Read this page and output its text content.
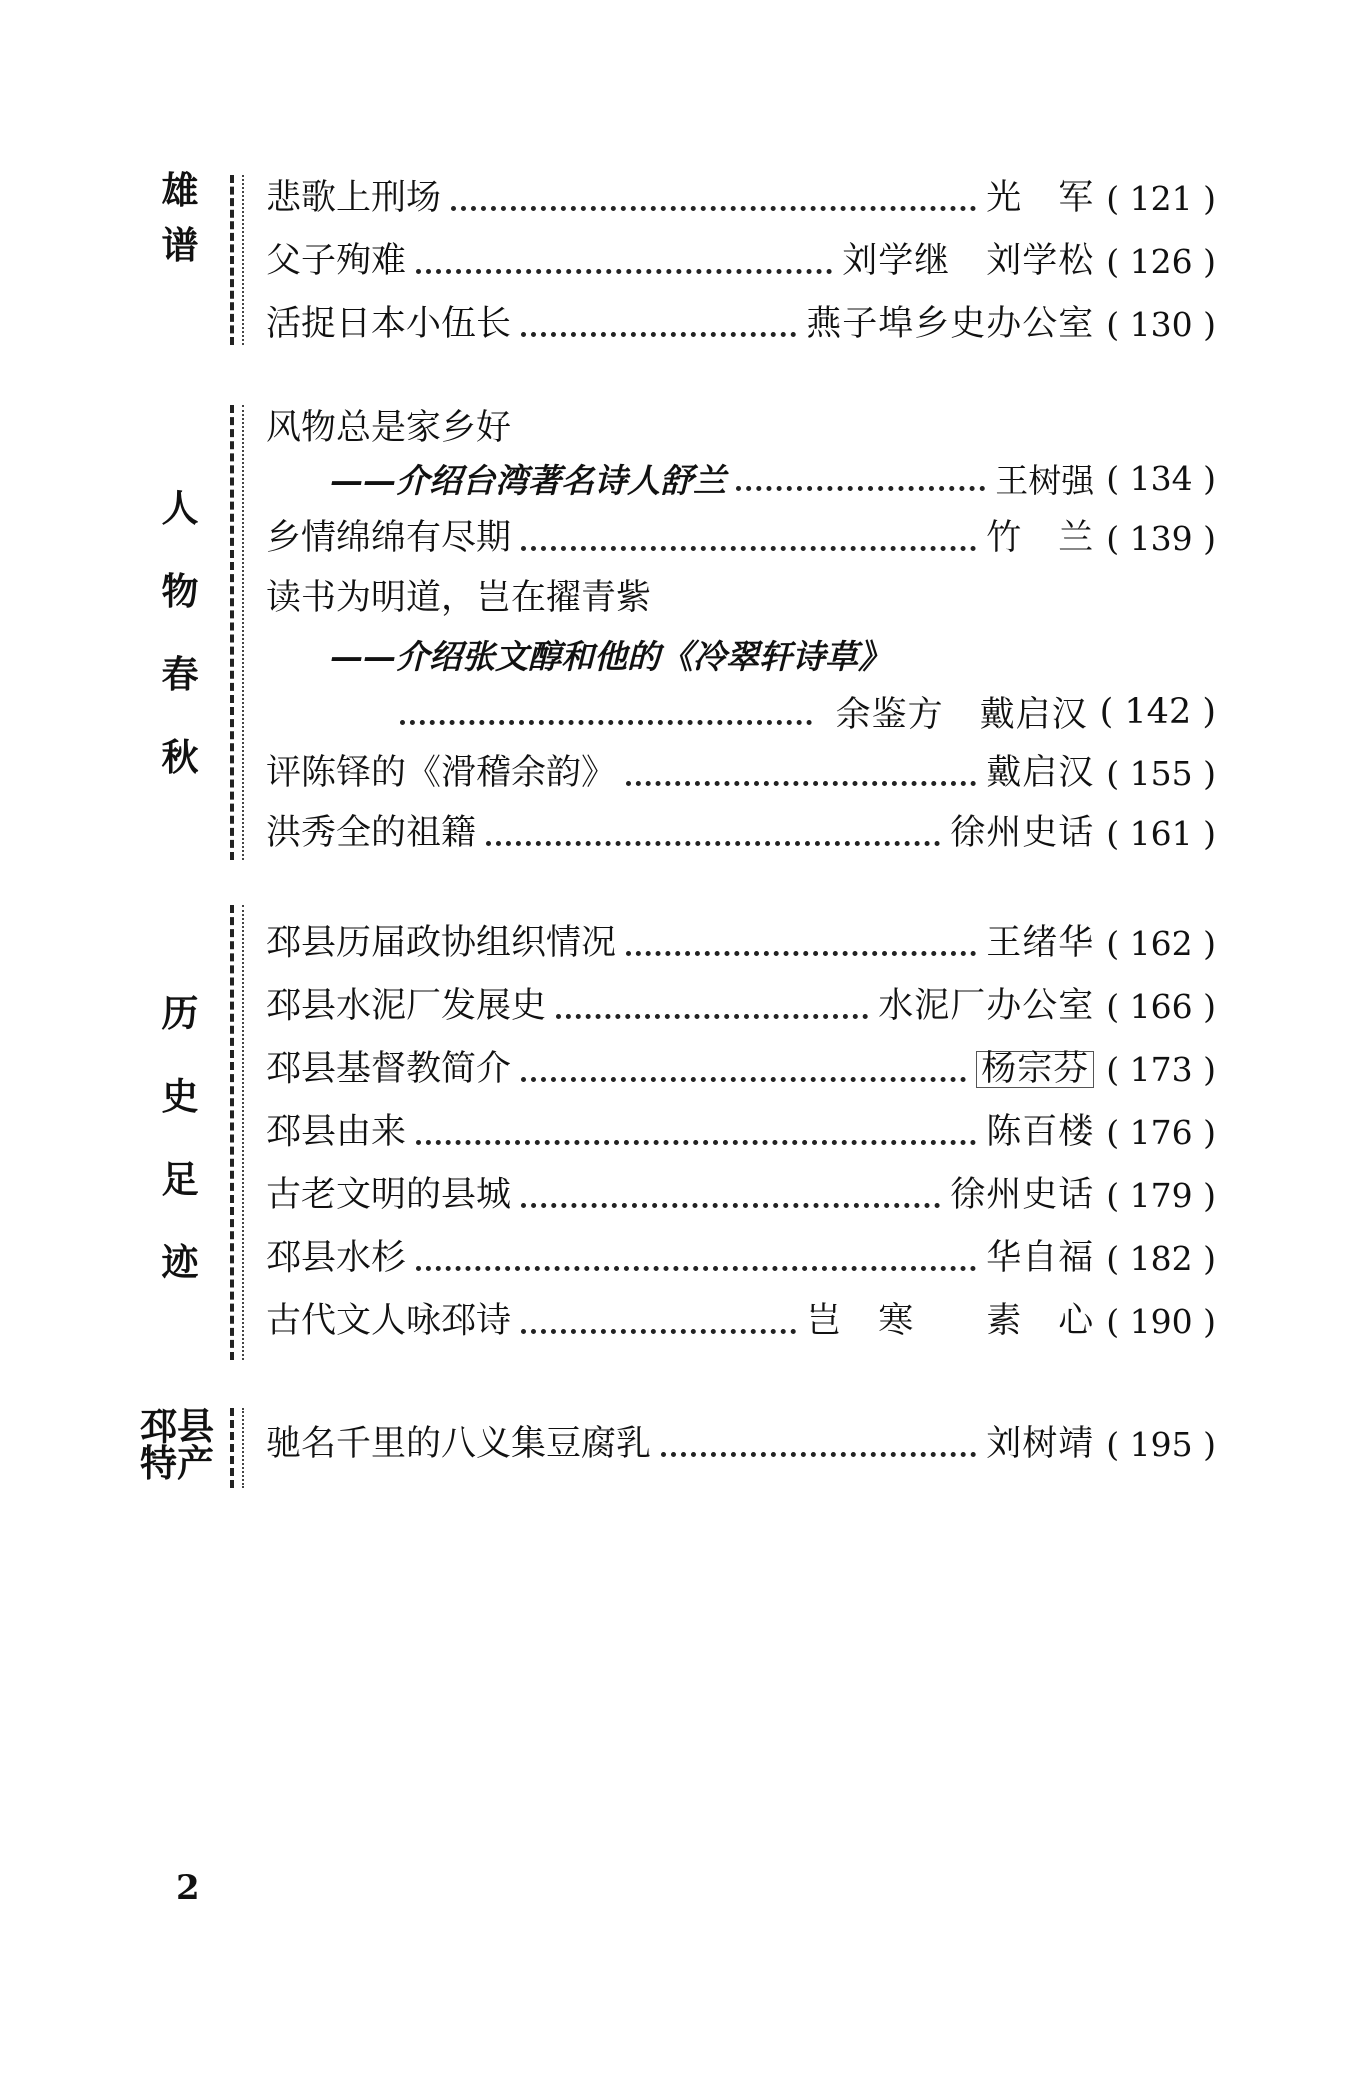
雄
谱
悲歌上刑场	光　军 ( 121 )
父子殉难	刘学继　刘学松 ( 126 )
活捉日本小伍长	燕子埠乡史办公室 ( 130 )
人
物
春
秋
风物总是家乡好
——介绍台湾著名诗人舒兰	王树强 ( 134 )
乡情绵绵有尽期	竹　兰 ( 139 )
读书为明道，岂在擢青紫
——介绍张文醇和他的《冷翠轩诗草》
余鉴方　戴启汉 ( 142 )
评陈铎的《滑稽余韵》	戴启汉 ( 155 )
洪秀全的祖籍	徐州史话 ( 161 )
历
史
足
迹
邳县历届政协组织情况	王绪华 ( 162 )
邳县水泥厂发展史	水泥厂办公室 ( 166 )
邳县基督教简介	杨宗芬 ( 173 )
邳县由来	陈百楼 ( 176 )
古老文明的县城	徐州史话 ( 179 )
邳县水杉	华自福 ( 182 )
古代文人咏邳诗	岂　寒　　素　心 ( 190 )
邳县
特产 驰名千里的八义集豆腐乳	刘树靖 ( 195 )
2
